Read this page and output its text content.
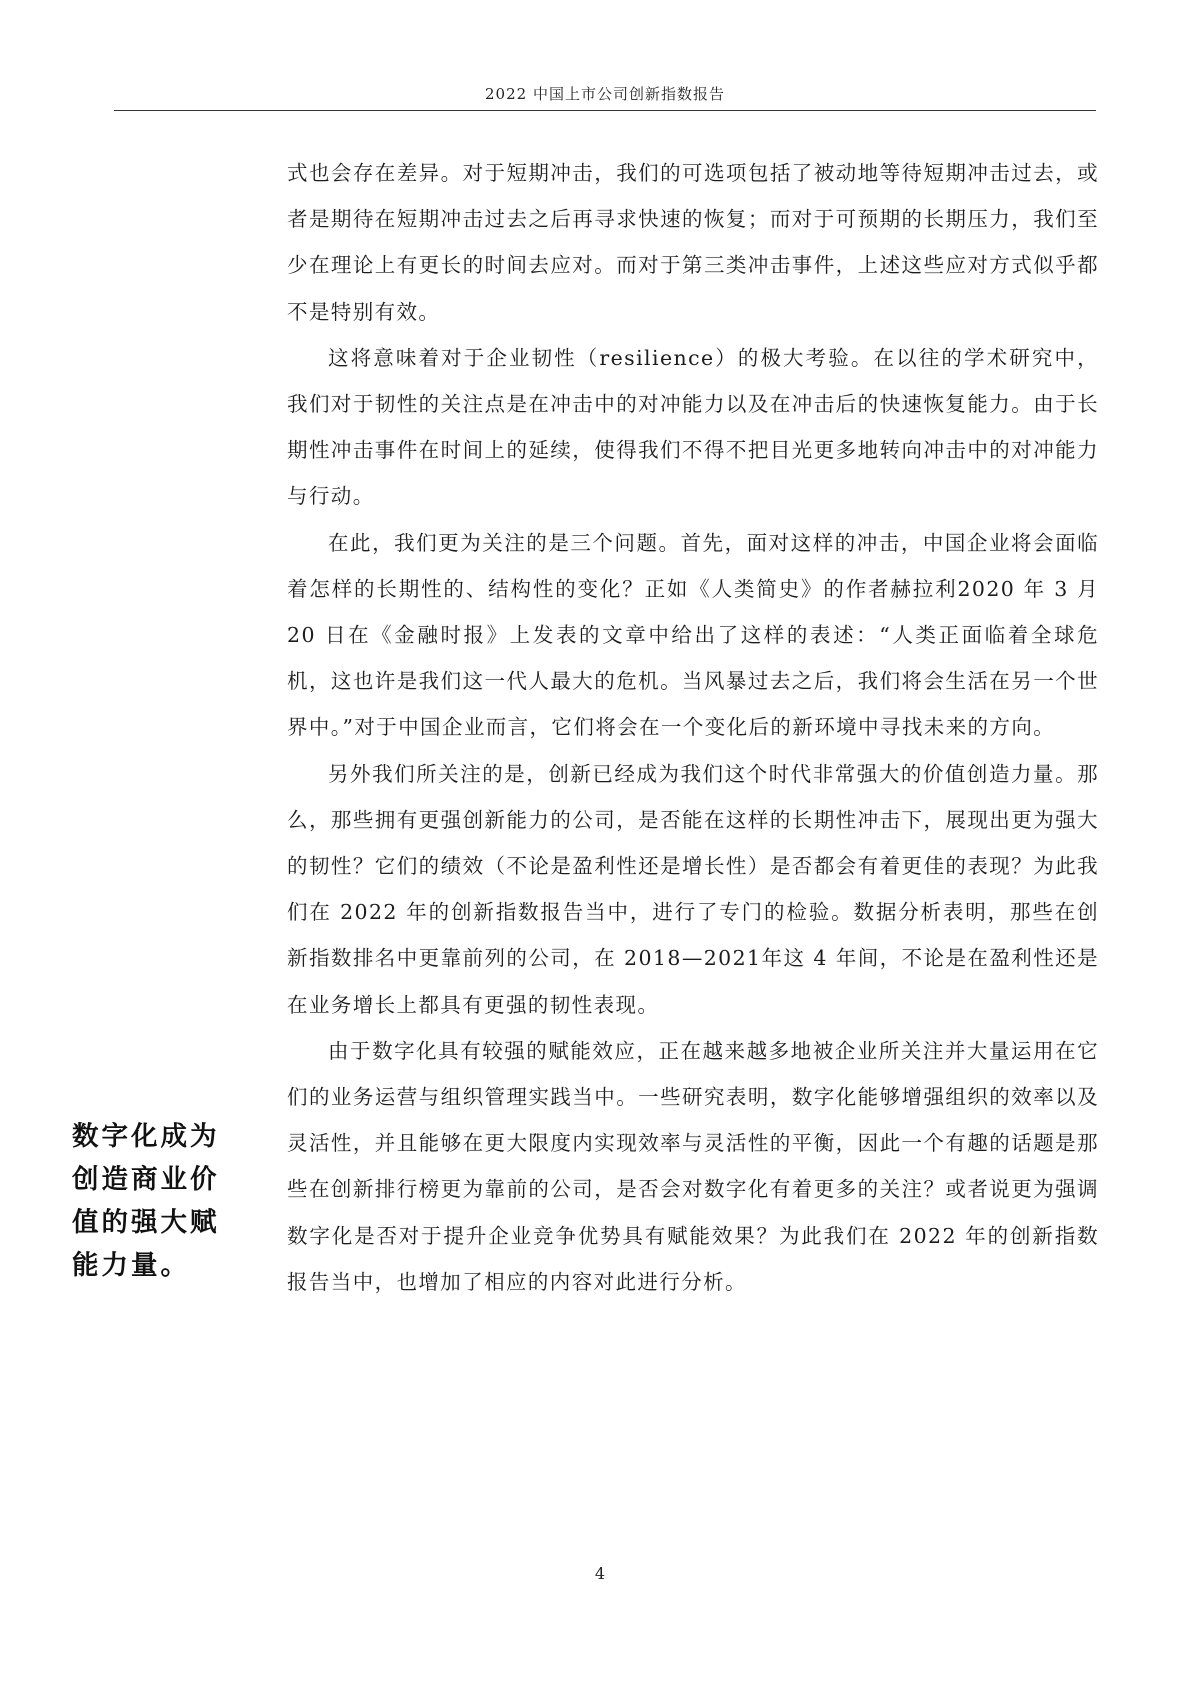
2022 中国上市公司创新指数报告
数字化成为创造商业价值的强大赋能力量。

式也会存在差异。对于短期冲击，我们的可选项包括了被动地等待短期冲击过去，或者是期待在短期冲击过去之后再寻求快速的恢复；而对于可预期的长期压力，我们至少在理论上有更长的时间去应对。而对于第三类冲击事件，上述这些应对方式似乎都不是特别有效。

这将意味着对于企业韧性（resilience）的极大考验。在以往的学术研究中，我们对于韧性的关注点是在冲击中的对冲能力以及在冲击后的快速恢复能力。由于长期性冲击事件在时间上的延续，使得我们不得不把目光更多地转向冲击中的对冲能力与行动。

在此，我们更为关注的是三个问题。首先，面对这样的冲击，中国企业将会面临着怎样的长期性的、结构性的变化？正如《人类简史》的作者赫拉利2020 年 3 月 20 日在《金融时报》上发表的文章中给出了这样的表述：“人类正面临着全球危机，这也许是我们这一代人最大的危机。当风暴过去之后，我们将会生活在另一个世界中。”对于中国企业而言，它们将会在一个变化后的新环境中寻找未来的方向。

另外我们所关注的是，创新已经成为我们这个时代非常强大的价值创造力量。那么，那些拥有更强创新能力的公司，是否能在这样的长期性冲击下，展现出更为强大的韧性？它们的绩效（不论是盈利性还是增长性）是否都会有着更佳的表现？为此我们在 2022 年的创新指数报告当中，进行了专门的检验。数据分析表明，那些在创新指数排名中更靠前列的公司，在 2018—2021年这 4 年间，不论是在盈利性还是在业务增长上都具有更强的韧性表现。

由于数字化具有较强的赋能效应，正在越来越多地被企业所关注并大量运用在它们的业务运营与组织管理实践当中。一些研究表明，数字化能够增强组织的效率以及灵活性，并且能够在更大限度内实现效率与灵活性的平衡，因此一个有趣的话题是那些在创新排行榜更为靠前的公司，是否会对数字化有着更多的关注？或者说更为强调数字化是否对于提升企业竞争优势具有赋能效果？为此我们在 2022 年的创新指数报告当中，也增加了相应的内容对此进行分析。

4
